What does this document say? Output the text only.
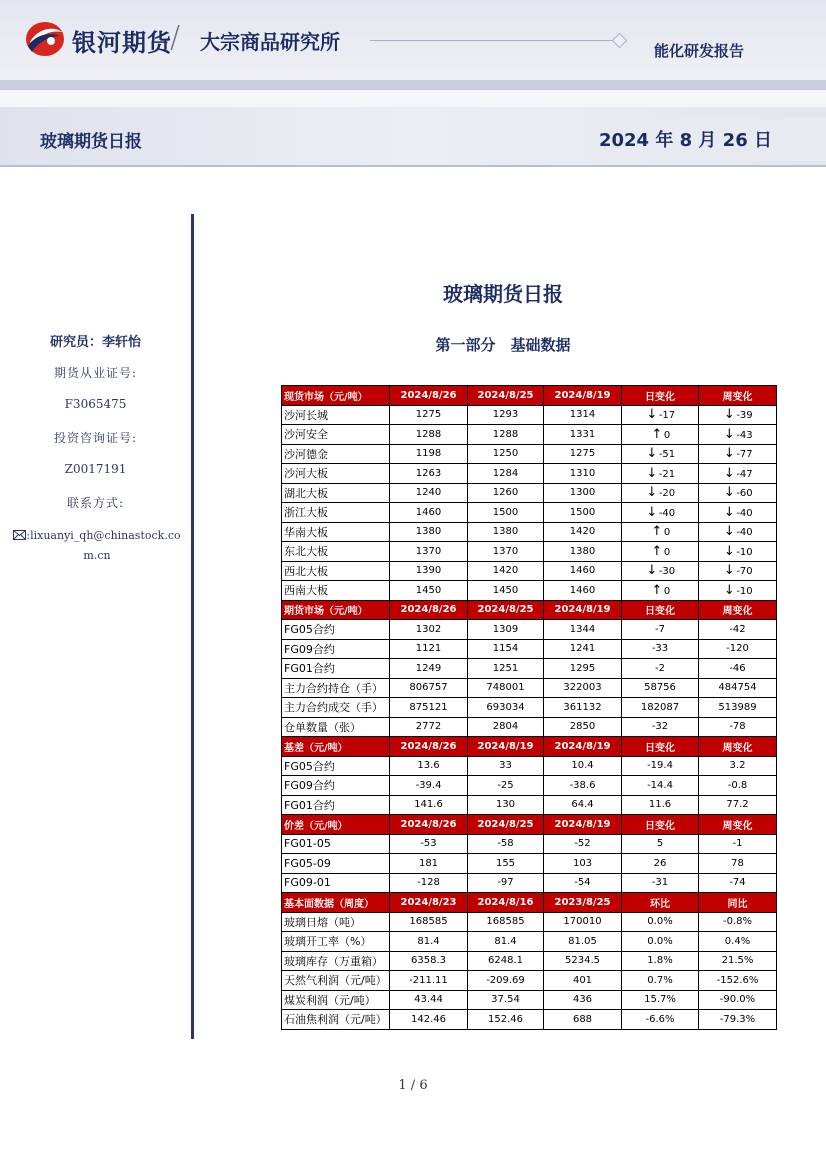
银河期货
/ 大宗商品研究所	能化研发报告
玻璃期货日报	2024 年 8 月 26 日
研究员：李轩怡
期货从业证号:
F3065475
投资咨询证号:
Z0017191
联系方式:
:lixuanyi_qh@chinastock.com.cn
玻璃期货日报
第一部分　基础数据
现货市场（元/吨）	2024/8/26	2024/8/25	2024/8/19	日变化	周变化
沙河长城	1275	1293	1314	↓ -17	↓ -39
沙河安全	1288	1288	1331	↑ 0	↓ -43
沙河德金	1198	1250	1275	↓ -51	↓ -77
沙河大板	1263	1284	1310	↓ -21	↓ -47
湖北大板	1240	1260	1300	↓ -20	↓ -60
浙江大板	1460	1500	1500	↓ -40	↓ -40
华南大板	1380	1380	1420	↑ 0	↓ -40
东北大板	1370	1370	1380	↑ 0	↓ -10
西北大板	1390	1420	1460	↓ -30	↓ -70
西南大板	1450	1450	1460	↑ 0	↓ -10
期货市场（元/吨）	2024/8/26	2024/8/25	2024/8/19	日变化	周变化
FG05合约	1302	1309	1344	-7	-42
FG09合约	1121	1154	1241	-33	-120
FG01合约	1249	1251	1295	-2	-46
主力合约持仓（手）	806757	748001	322003	58756	484754
主力合约成交（手）	875121	693034	361132	182087	513989
仓单数量（张）	2772	2804	2850	-32	-78
基差（元/吨）	2024/8/26	2024/8/19	2024/8/19	日变化	周变化
FG05合约	13.6	33	10.4	-19.4	3.2
FG09合约	-39.4	-25	-38.6	-14.4	-0.8
FG01合约	141.6	130	64.4	11.6	77.2
价差（元/吨）	2024/8/26	2024/8/25	2024/8/19	日变化	周变化
FG01-05	-53	-58	-52	5	-1
FG05-09	181	155	103	26	78
FG09-01	-128	-97	-54	-31	-74
基本面数据（周度）	2024/8/23	2024/8/16	2023/8/25	环比	同比
玻璃日熔（吨）	168585	168585	170010	0.0%	-0.8%
玻璃开工率（%）	81.4	81.4	81.05	0.0%	0.4%
玻璃库存（万重箱）	6358.3	6248.1	5234.5	1.8%	21.5%
天然气利润（元/吨）	-211.11	-209.69	401	0.7%	-152.6%
煤炭利润（元/吨）	43.44	37.54	436	15.7%	-90.0%
石油焦利润（元/吨）	142.46	152.46	688	-6.6%	-79.3%
1 / 6
